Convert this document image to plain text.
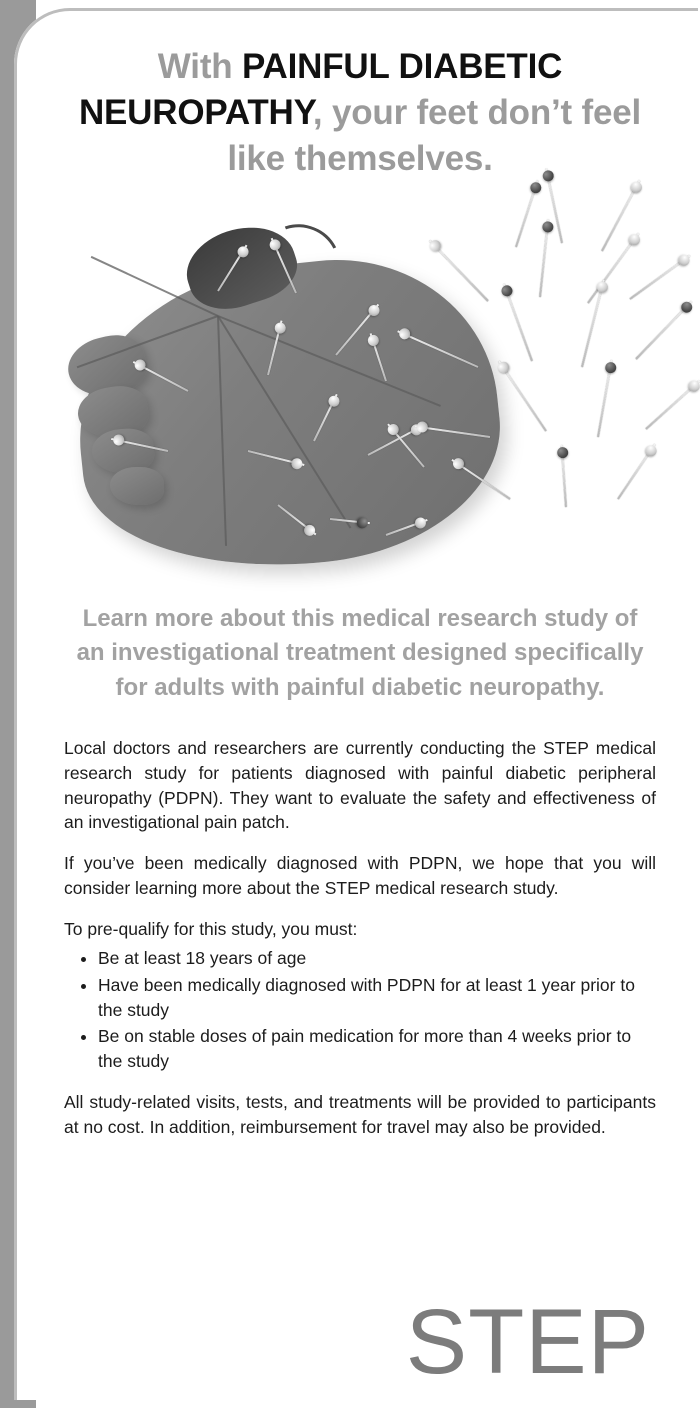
With PAINFUL DIABETIC NEUROPATHY, your feet don’t feel like themselves.
Learn more about this medical research study of an investigational treatment designed specifically for adults with painful diabetic neuropathy.

Local doctors and researchers are currently conducting the STEP medical research study for patients diagnosed with painful diabetic peripheral neuropathy (PDPN). They want to evaluate the safety and effectiveness of an investigational pain patch.

If you’ve been medically diagnosed with PDPN, we hope that you will consider learning more about the STEP medical research study.

To pre-qualify for this study, you must:

• Be at least 18 years of age
• Have been medically diagnosed with PDPN for at least 1 year prior to the study
• Be on stable doses of pain medication for more than 4 weeks prior to the study

All study-related visits, tests, and treatments will be provided to participants at no cost. In addition, reimbursement for travel may also be provided.

STEP
